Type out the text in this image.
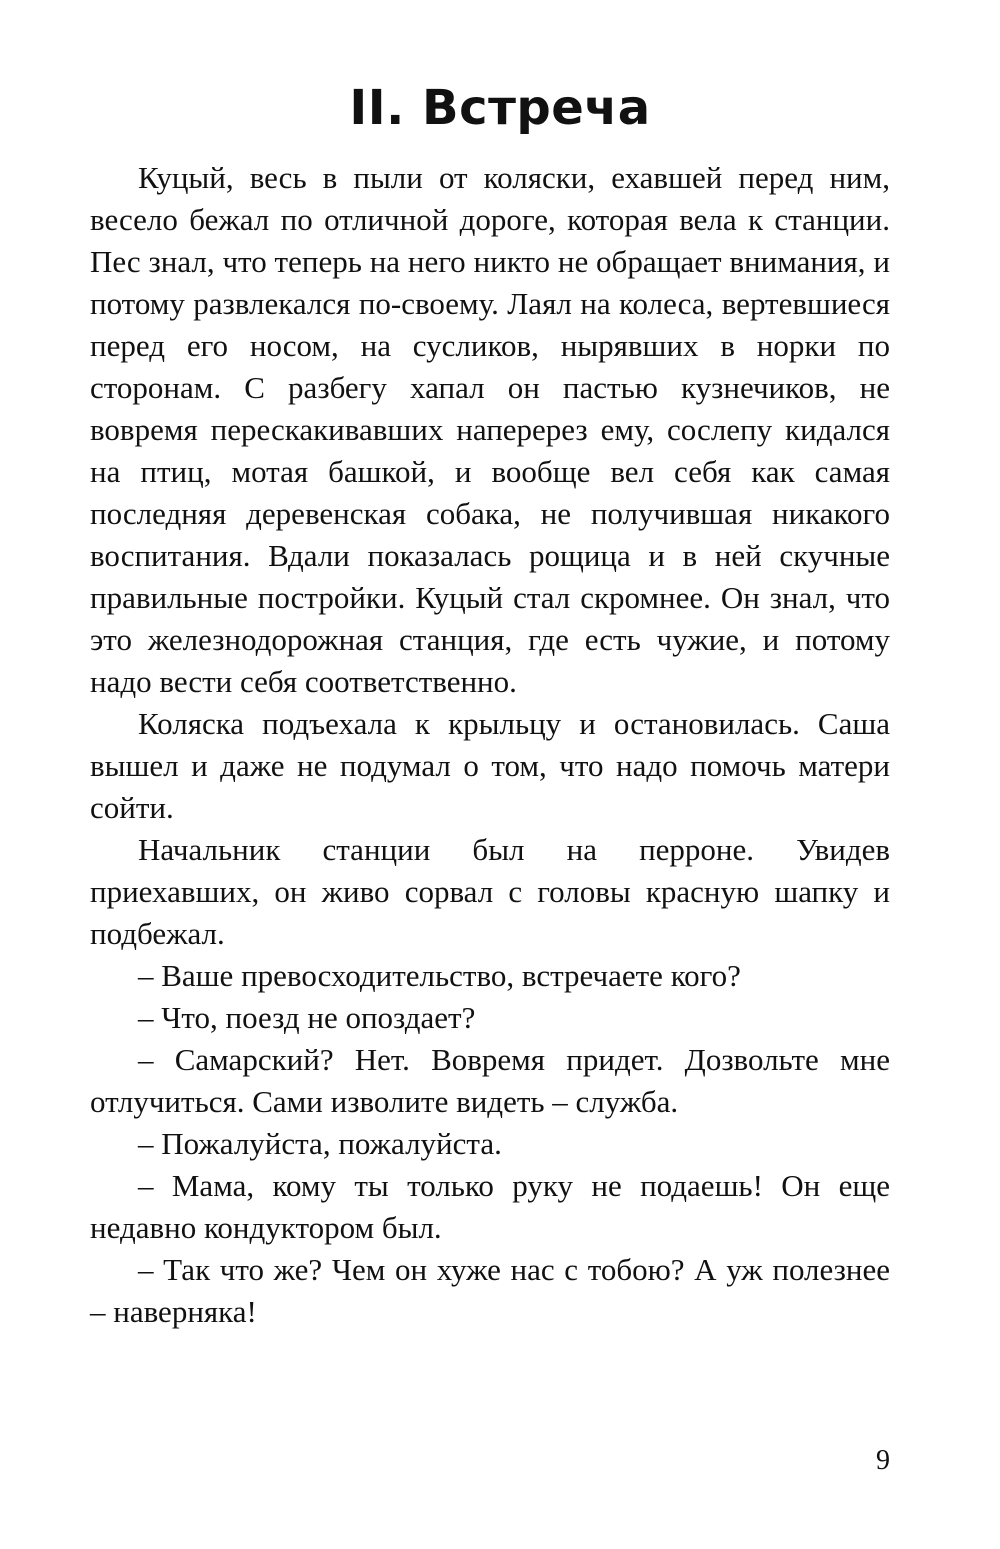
II. Встреча

Куцый, весь в пыли от коляски, ехавшей перед ним, весело бежал по отличной дороге, которая вела к станции. Пес знал, что теперь на него никто не обращает внимания, и потому развлекался по-своему. Лаял на колеса, вертевшиеся перед его носом, на сусликов, нырявших в норки по сторонам. С разбегу хапал он пастью кузнечиков, не вовремя перескакивавших наперерез ему, сослепу кидался на птиц, мотая башкой, и вообще вел себя как самая последняя деревенская собака, не получившая никакого воспитания. Вдали показалась рощица и в ней скучные правильные постройки. Куцый стал скромнее. Он знал, что это железнодорожная станция, где есть чужие, и потому надо вести себя соответственно.

Коляска подъехала к крыльцу и остановилась. Саша вышел и даже не подумал о том, что надо помочь матери сойти.

Начальник станции был на перроне. Увидев приехавших, он живо сорвал с головы красную шапку и подбежал.

– Ваше превосходительство, встречаете кого?

– Что, поезд не опоздает?

– Самарский? Нет. Вовремя придет. Дозвольте мне отлучиться. Сами изволите видеть – служба.

– Пожалуйста, пожалуйста.

– Мама, кому ты только руку не подаешь! Он еще недавно кондуктором был.

– Так что же? Чем он хуже нас с тобою? А уж полезнее – наверняка!

9
